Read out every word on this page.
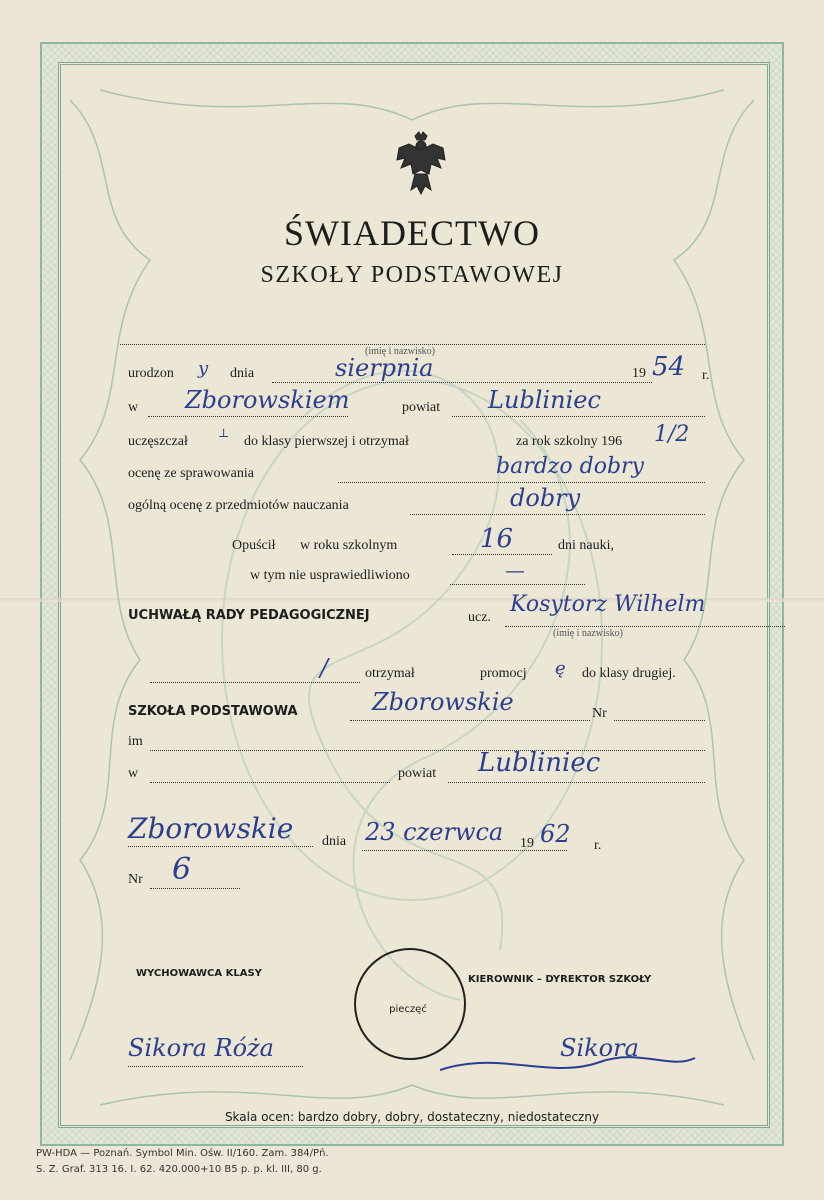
ŚWIADECTWO
SZKOŁY PODSTAWOWEJ
(imię i nazwisko)
urodzon y dnia	sierpnia	19 54 r.
w Zborowskiem	powiat Lubliniec
uczęszczał
⊥
do klasy pierwszej i otrzymał	za rok szkolny 196 1/2
ocenę ze sprawowania	bardzo dobry
ogólną ocenę z przedmiotów nauczania	dobry
Opuścił w roku szkolnym	16	dni nauki,
w tym nie usprawiedliwiono	—
UCHWAŁĄ RADY PEDAGOGICZNEJ	ucz.
Kosytorz Wilhelm
(imię i nazwisko)
/	otrzymał	promocj ę do klasy drugiej.
SZKOŁA PODSTAWOWA	Zborowskie	Nr
im
w	powiat Lubliniec
Zborowskie dnia 23 czerwca 19 62 r.
Nr 6
WYCHOWAWCA KLASY
Sikora Róża
pieczęć
KIEROWNIK – DYREKTOR SZKOŁY
Sikora
Skala ocen: bardzo dobry, dobry, dostateczny, niedostateczny
PW-HDA — Poznań. Symbol Min. Ośw. II/160. Zam. 384/Pń.
S. Z. Graf. 313 16. I. 62. 420.000+10 B5 p. p. kl. III, 80 g.
